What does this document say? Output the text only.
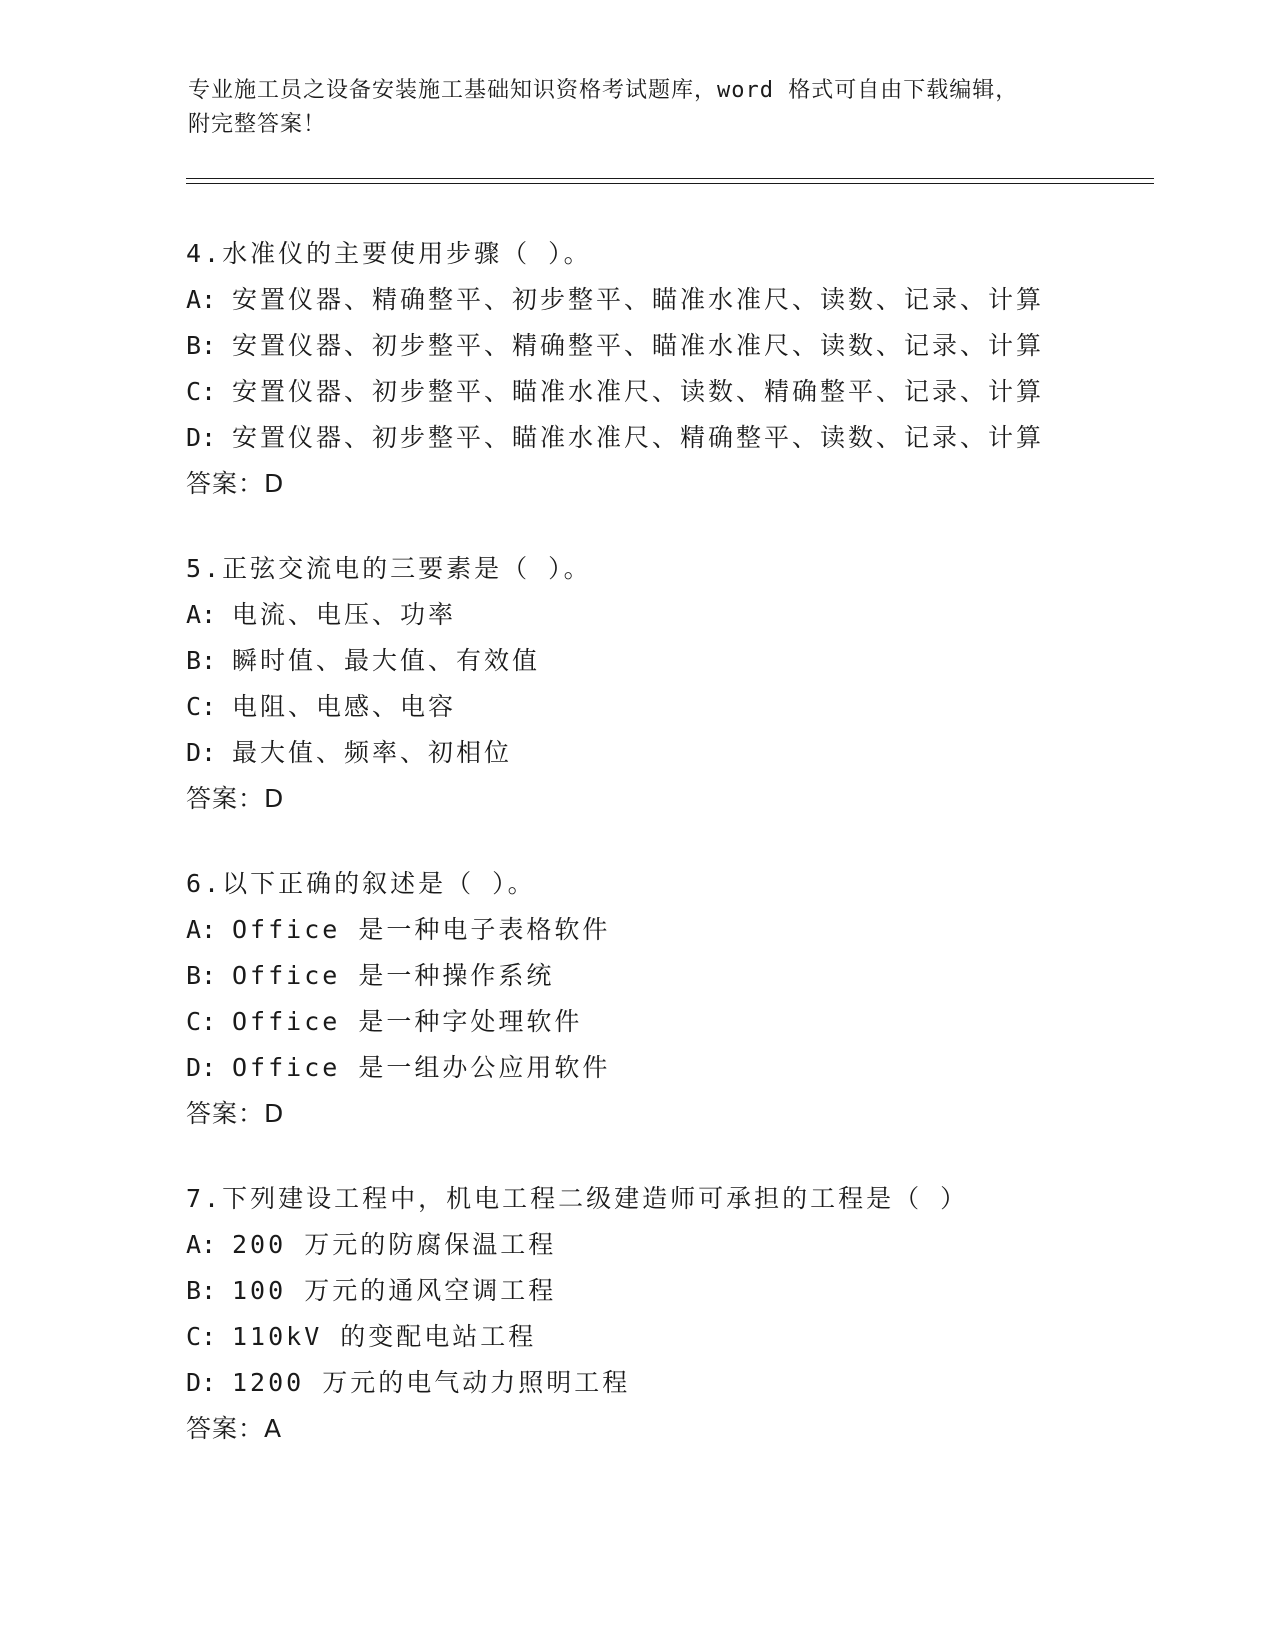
专业施工员之设备安装施工基础知识资格考试题库，word 格式可自由下载编辑，
附完整答案！
4.水准仪的主要使用步骤（ ）。
A: 安置仪器、精确整平、初步整平、瞄准水准尺、读数、记录、计算
B: 安置仪器、初步整平、精确整平、瞄准水准尺、读数、记录、计算
C: 安置仪器、初步整平、瞄准水准尺、读数、精确整平、记录、计算
D: 安置仪器、初步整平、瞄准水准尺、精确整平、读数、记录、计算
答案：D
5.正弦交流电的三要素是（ ）。
A: 电流、电压、功率
B: 瞬时值、最大值、有效值
C: 电阻、电感、电容
D: 最大值、频率、初相位
答案：D
6.以下正确的叙述是（ ）。
A: Office 是一种电子表格软件
B: Office 是一种操作系统
C: Office 是一种字处理软件
D: Office 是一组办公应用软件
答案：D
7.下列建设工程中，机电工程二级建造师可承担的工程是（ ）
A: 200 万元的防腐保温工程
B: 100 万元的通风空调工程
C: 110kV 的变配电站工程
D: 1200 万元的电气动力照明工程
答案：A
